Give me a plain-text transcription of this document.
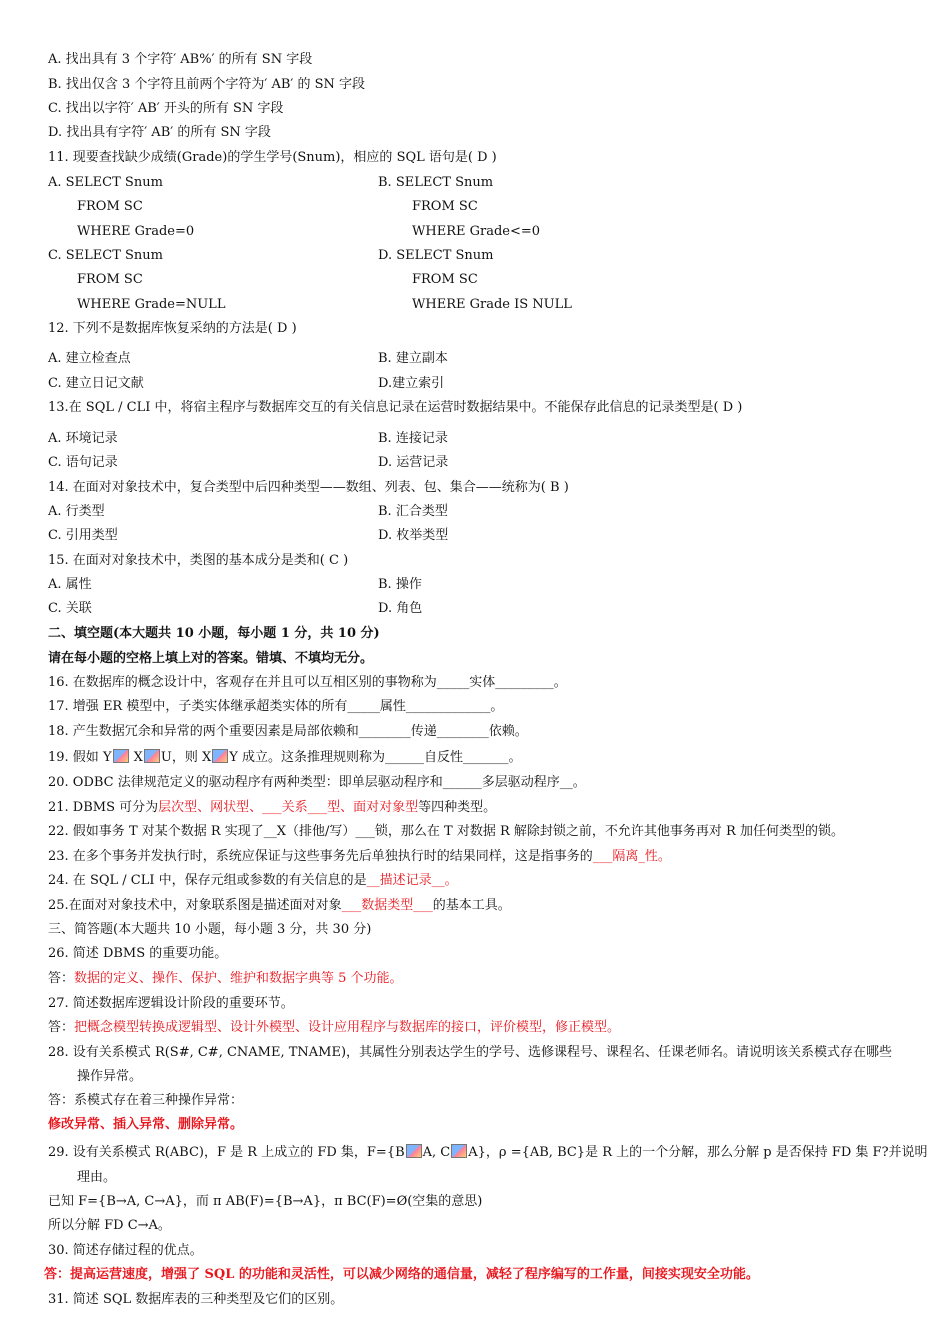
A. 找出具有 3 个字符′ AB%′ 的所有 SN 字段
B. 找出仅含 3 个字符且前两个字符为′ AB′ 的 SN 字段
C. 找出以字符′ AB′ 开头的所有 SN 字段
D. 找出具有字符′ AB′ 的所有 SN 字段
11. 现要查找缺少成绩(Grade)的学生学号(Snum)，相应的 SQL 语句是( D )
A. SELECT Snum	B. SELECT Snum
FROM SC	FROM SC
WHERE Grade=0	WHERE Grade<=0
C. SELECT Snum	D. SELECT Snum
FROM SC	FROM SC
WHERE Grade=NULL	WHERE Grade IS NULL
12. 下列不是数据库恢复采纳的方法是( D )
A. 建立检查点	B. 建立副本
C. 建立日记文献	D.建立索引
13.在 SQL / CLI 中，将宿主程序与数据库交互的有关信息记录在运营时数据结果中。不能保存此信息的记录类型是( D )
A. 环境记录	B. 连接记录
C. 语句记录	D. 运营记录
14. 在面对对象技术中，复合类型中后四种类型——数组、列表、包、集合——统称为( B )
A. 行类型	B. 汇合类型
C. 引用类型	D. 枚举类型
15. 在面对对象技术中，类图的基本成分是类和( C )
A. 属性	B. 操作
C. 关联	D. 角色
二、填空题(本大题共 10 小题，每小题 1 分，共 10 分)
请在每小题的空格上填上对的答案。错填、不填均无分。
16. 在数据库的概念设计中，客观存在并且可以互相区别的事物称为_____实体_________。
17. 增强 ER 模型中，子类实体继承超类实体的所有_____属性_____________。
18. 产生数据冗余和异常的两个重要因素是局部依赖和________传递________依赖。
19. 假如 Y X U，则 X Y 成立。这条推理规则称为______自反性_______。
20. ODBC 法律规范定义的驱动程序有两种类型：即单层驱动程序和______多层驱动程序__。
21. DBMS 可分为层次型、网状型、___关系___型、面对对象型等四种类型。
22. 假如事务 T 对某个数据 R 实现了__X（排他/写）___锁，那么在 T 对数据 R 解除封锁之前，不允许其他事务再对 R 加任何类型的锁。
23. 在多个事务并发执行时，系统应保证与这些事务先后单独执行时的结果同样，这是指事务的___隔离_性。
24. 在 SQL / CLI 中，保存元组或参数的有关信息的是__描述记录__。
25.在面对对象技术中，对象联系图是描述面对对象___数据类型___的基本工具。
三、简答题(本大题共 10 小题，每小题 3 分，共 30 分)
26. 简述 DBMS 的重要功能。
答：数据的定义、操作、保护、维护和数据字典等 5 个功能。
27. 简述数据库逻辑设计阶段的重要环节。
答：把概念模型转换成逻辑型、设计外模型、设计应用程序与数据库的接口，评价模型，修正模型。
28. 设有关系模式 R(S#, C#, CNAME, TNAME)，其属性分别表达学生的学号、选修课程号、课程名、任课老师名。请说明该关系模式存在哪些
操作异常。
答：系模式存在着三种操作异常：
修改异常、插入异常、删除异常。
29. 设有关系模式 R(ABC)，F 是 R 上成立的 FD 集，F={B A, C A}，ρ ={AB, BC}是 R 上的一个分解，那么分解 p 是否保持 FD 集 F?并说明
理由。
已知 F={B→A, C→A}，而 π AB(F)={B→A}，π BC(F)=Ø(空集的意思)
所以分解 FD C→A。
30. 简述存储过程的优点。
答：提高运营速度，增强了 SQL 的功能和灵活性，可以减少网络的通信量，减轻了程序编写的工作量，间接实现安全功能。
31. 简述 SQL 数据库表的三种类型及它们的区别。
